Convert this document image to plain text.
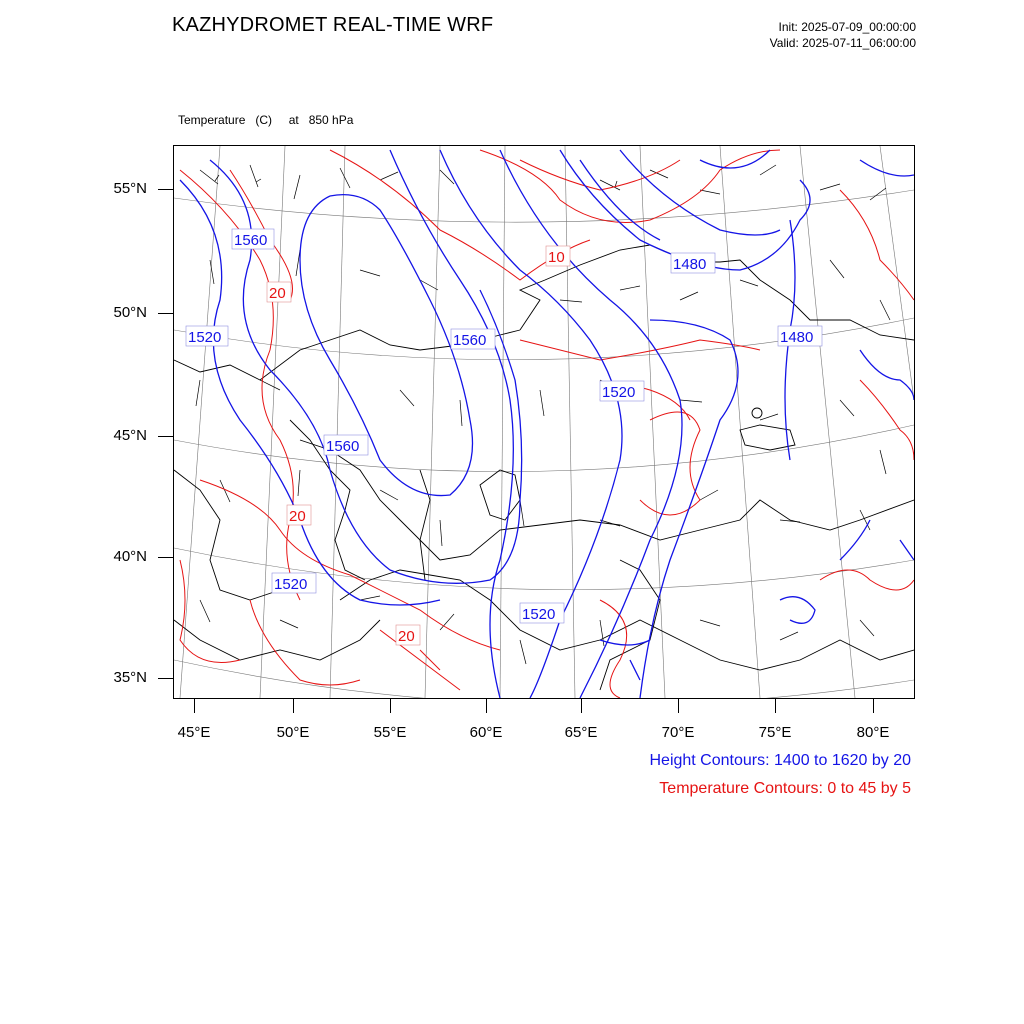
KAZHYDROMET REAL-TIME WRF	Init: 2025-07-09_00:00:00
Valid: 2025-07-11_06:00:00

Temperature   (C)     at   850 hPa

55°N
50°N
45°N
40°N
35°N
45°E	50°E	55°E	60°E	65°E	70°E	75°E	80°E
1560
1520	1560
1560
1480
1480
1520
1520
1520
20
10
20
20
Height Contours: 1400 to 1620 by 20
Temperature Contours: 0 to 45 by 5
